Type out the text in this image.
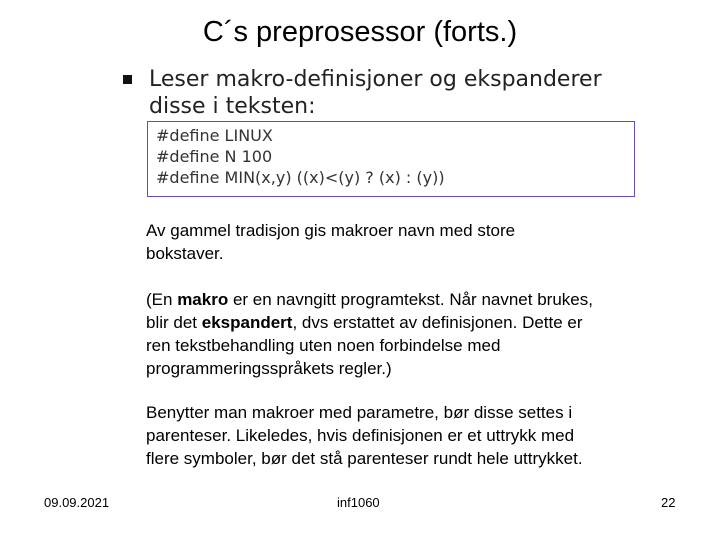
C´s preprosessor (forts.)
Leser makro-definisjoner og ekspanderer
disse i teksten:
#define LINUX
#define N 100
#define MIN(x,y) ((x)<(y) ? (x) : (y))
Av gammel tradisjon gis makroer navn med store
bokstaver.
(En makro er en navngitt programtekst. Når navnet brukes,
blir det ekspandert, dvs erstattet av definisjonen. Dette er
ren tekstbehandling uten noen forbindelse med
programmeringsspråkets regler.)
Benytter man makroer med parametre, bør disse settes i
parenteser. Likeledes, hvis definisjonen er et uttrykk med
flere symboler, bør det stå parenteser rundt hele uttrykket.
09.09.2021	inf1060	22
